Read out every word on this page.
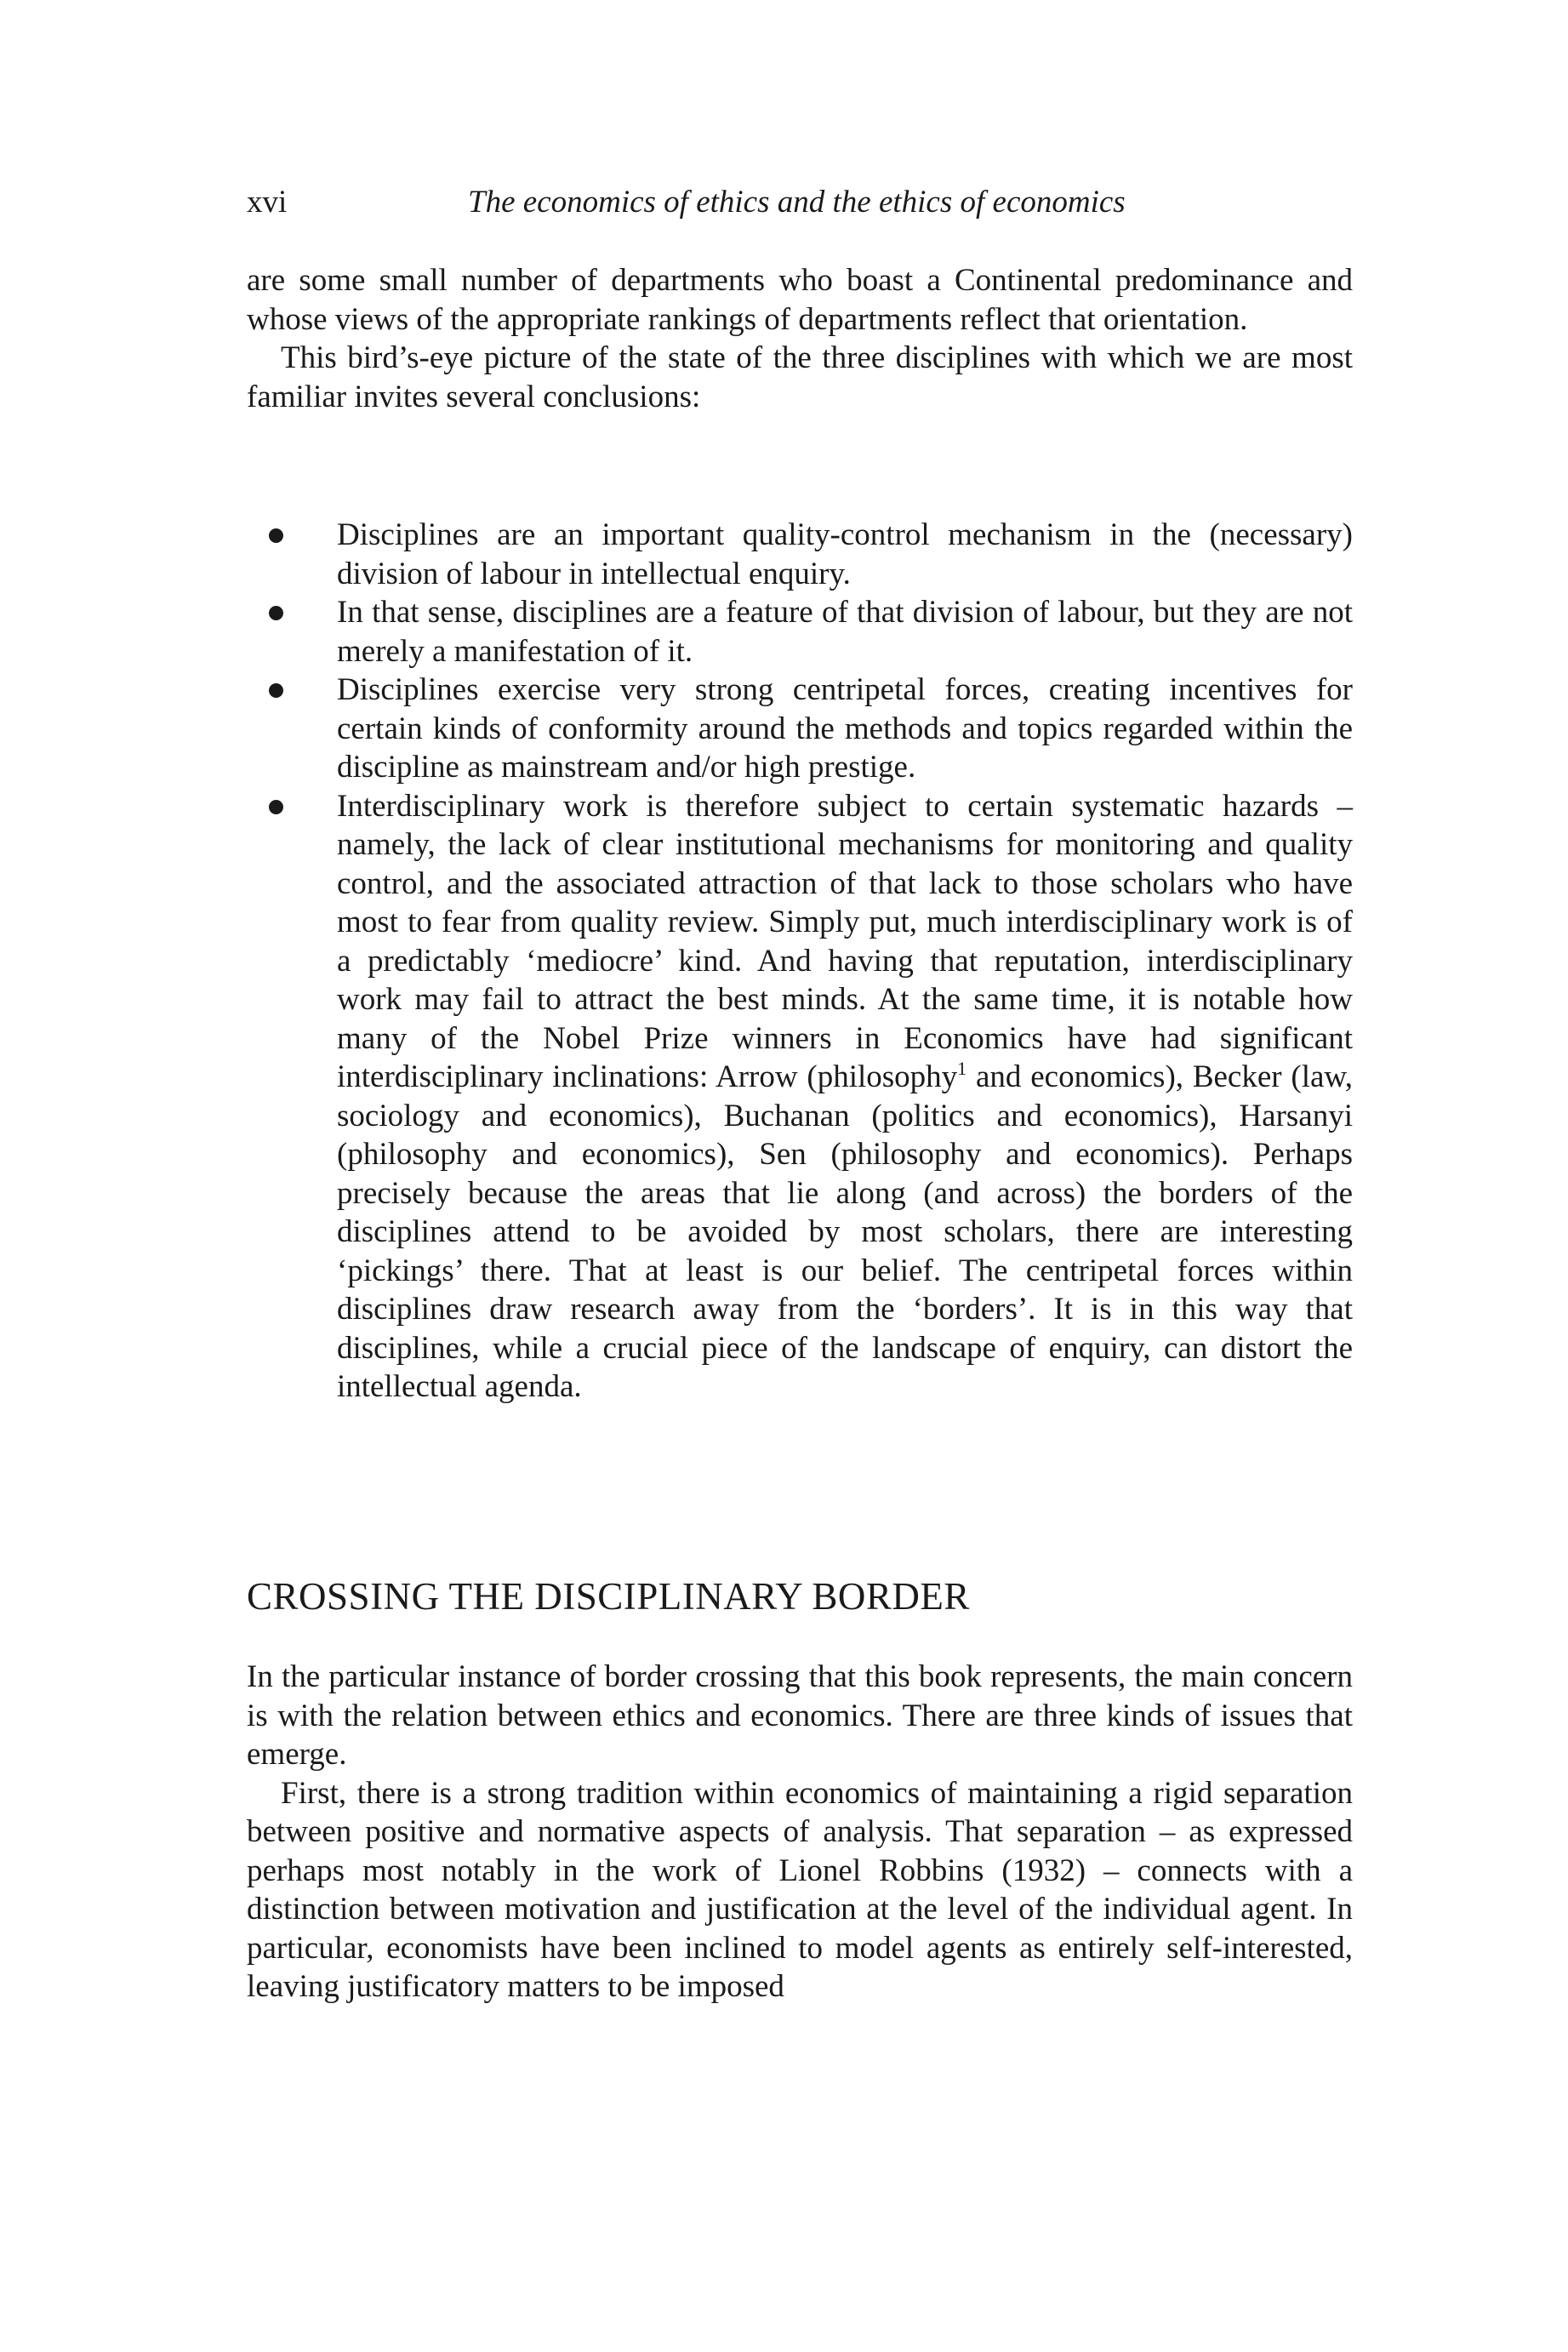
xvi	The economics of ethics and the ethics of economics

are some small number of departments who boast a Continental predominance and whose views of the appropriate rankings of departments reflect that orientation.

This bird’s-eye picture of the state of the three disciplines with which we are most familiar invites several conclusions:

Disciplines are an important quality-control mechanism in the (necessary) division of labour in intellectual enquiry.
In that sense, disciplines are a feature of that division of labour, but they are not merely a manifestation of it.
Disciplines exercise very strong centripetal forces, creating incentives for certain kinds of conformity around the methods and topics regarded within the discipline as mainstream and/or high prestige.
Interdisciplinary work is therefore subject to certain systematic hazards – namely, the lack of clear institutional mechanisms for monitoring and quality control, and the associated attraction of that lack to those scholars who have most to fear from quality review. Simply put, much interdisciplinary work is of a predictably ‘mediocre’ kind. And having that reputation, interdisciplinary work may fail to attract the best minds. At the same time, it is notable how many of the Nobel Prize winners in Economics have had significant interdisciplinary inclinations: Arrow (philosophy$^1$ and economics), Becker (law, sociology and economics), Buchanan (politics and economics), Harsanyi (philosophy and economics), Sen (philosophy and economics). Perhaps precisely because the areas that lie along (and across) the borders of the disciplines attend to be avoided by most scholars, there are interesting ‘pickings’ there. That at least is our belief. The centripetal forces within disciplines draw research away from the ‘borders’. It is in this way that disciplines, while a crucial piece of the landscape of enquiry, can distort the intellectual agenda.
CROSSING THE DISCIPLINARY BORDER

In the particular instance of border crossing that this book represents, the main concern is with the relation between ethics and economics. There are three kinds of issues that emerge.

First, there is a strong tradition within economics of maintaining a rigid separation between positive and normative aspects of analysis. That separation – as expressed perhaps most notably in the work of Lionel Robbins (1932) – connects with a distinction between motivation and justification at the level of the individual agent. In particular, economists have been inclined to model agents as entirely self-interested, leaving justificatory matters to be imposed
